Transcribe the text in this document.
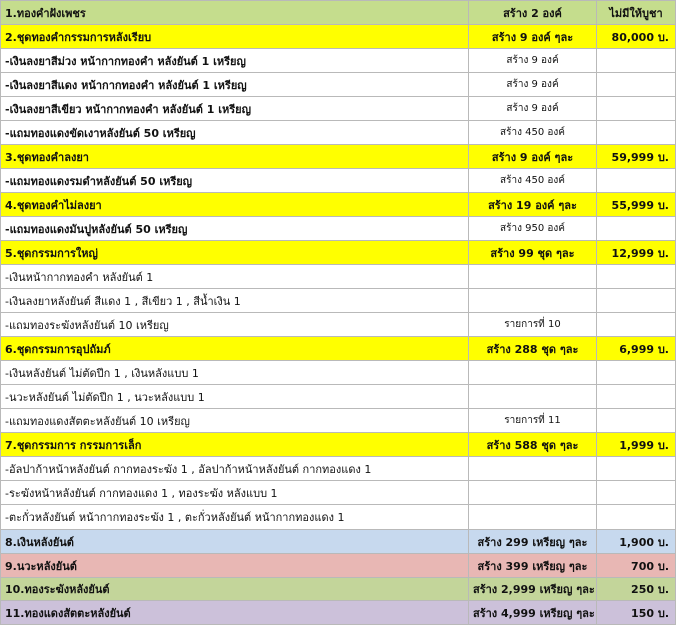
1.ทองคำฝังเพชร	สร้าง 2 องค์	ไม่มีให้บูชา
2.ชุดทองคำกรรมการหลังเรียบ	สร้าง 9 องค์ ๆละ	80,000 บ.
-เงินลงยาสีม่วง หน้ากากทองคำ หลังยันต์ 1 เหรียญ	สร้าง 9 องค์	
-เงินลงยาสีแดง หน้ากากทองคำ หลังยันต์ 1 เหรียญ	สร้าง 9 องค์	
-เงินลงยาสีเขียว หน้ากากทองคำ หลังยันต์ 1 เหรียญ	สร้าง 9 องค์	
-แถมทองแดงขัดเงาหลังยันต์ 50 เหรียญ	สร้าง 450 องค์	
3.ชุดทองคำลงยา	สร้าง 9 องค์ ๆละ	59,999 บ.
-แถมทองแดงรมดำหลังยันต์ 50 เหรียญ	สร้าง 450 องค์	
4.ชุดทองคำไม่ลงยา	สร้าง 19 องค์ ๆละ	55,999 บ.
-แถมทองแดงมันปูหลังยันต์ 50 เหรียญ	สร้าง 950 องค์	
5.ชุดกรรมการใหญ่	สร้าง 99 ชุด ๆละ	12,999 บ.
-เงินหน้ากากทองคำ หลังยันต์ 1		
-เงินลงยาหลังยันต์ สีแดง 1 , สีเขียว 1 , สีน้ำเงิน 1		
-แถมทองระฆังหลังยันต์ 10 เหรียญ	รายการที่ 10	
6.ชุดกรรมการอุปถัมภ์	สร้าง 288 ชุด ๆละ	6,999 บ.
-เงินหลังยันต์ ไม่ตัดปีก 1 , เงินหลังแบบ 1		
-นวะหลังยันต์ ไม่ตัดปีก 1 , นวะหลังแบบ 1		
-แถมทองแดงสัตตะหลังยันต์ 10 เหรียญ	รายการที่ 11	
7.ชุดกรรมการ กรรมการเล็ก	สร้าง 588 ชุด ๆละ	1,999 บ.
-อัลปาก้าหน้าหลังยันต์ กากทองระฆัง 1 , อัลปาก้าหน้าหลังยันต์ กากทองแดง 1		
-ระฆังหน้าหลังยันต์ กากทองแดง 1 , ทองระฆัง หลังแบบ 1		
-ตะกั่วหลังยันต์ หน้ากากทองระฆัง 1 , ตะกั่วหลังยันต์ หน้ากากทองแดง 1		
8.เงินหลังยันต์	สร้าง 299 เหรียญ ๆละ	1,900 บ.
9.นวะหลังยันต์	สร้าง 399 เหรียญ ๆละ	700 บ.
10.ทองระฆังหลังยันต์	สร้าง 2,999 เหรียญ ๆละ	250 บ.
11.ทองแดงสัตตะหลังยันต์	สร้าง 4,999 เหรียญ ๆละ	150 บ.
